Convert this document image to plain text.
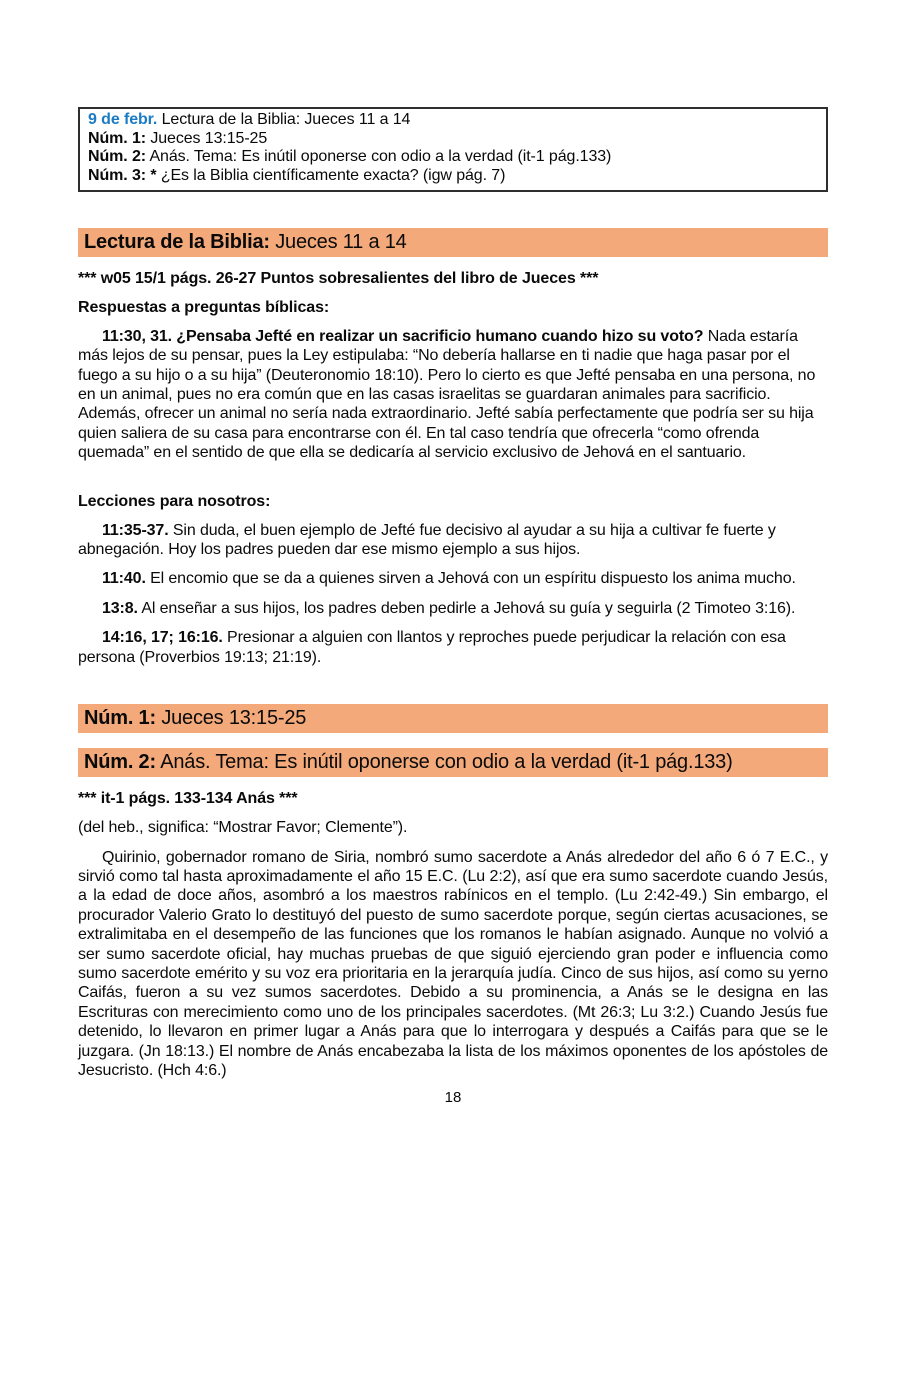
9 de febr. Lectura de la Biblia: Jueces 11 a 14
Núm. 1: Jueces 13:15-25
Núm. 2: Anás. Tema: Es inútil oponerse con odio a la verdad (it-1 pág.133)
Núm. 3: * ¿Es la Biblia científicamente exacta? (igw pág. 7)
Lectura de la Biblia: Jueces 11 a 14

*** w05 15/1 págs. 26-27 Puntos sobresalientes del libro de Jueces ***

Respuestas a preguntas bíblicas:

11:30, 31. ¿Pensaba Jefté en realizar un sacrificio humano cuando hizo su voto? Nada estaría más lejos de su pensar, pues la Ley estipulaba: “No debería hallarse en ti nadie que haga pasar por el fuego a su hijo o a su hija” (Deuteronomio 18:10). Pero lo cierto es que Jefté pensaba en una persona, no en un animal, pues no era común que en las casas israelitas se guardaran animales para sacrificio. Además, ofrecer un animal no sería nada extraordinario. Jefté sabía perfectamente que podría ser su hija quien saliera de su casa para encontrarse con él. En tal caso tendría que ofrecerla “como ofrenda quemada” en el sentido de que ella se dedicaría al servicio exclusivo de Jehová en el santuario.

Lecciones para nosotros:

11:35-37. Sin duda, el buen ejemplo de Jefté fue decisivo al ayudar a su hija a cultivar fe fuerte y abnegación. Hoy los padres pueden dar ese mismo ejemplo a sus hijos.

11:40. El encomio que se da a quienes sirven a Jehová con un espíritu dispuesto los anima mucho.

13:8. Al enseñar a sus hijos, los padres deben pedirle a Jehová su guía y seguirla (2 Timoteo 3:16).

14:16, 17; 16:16. Presionar a alguien con llantos y reproches puede perjudicar la relación con esa persona (Proverbios 19:13; 21:19).

Núm. 1: Jueces 13:15-25
Núm. 2: Anás. Tema: Es inútil oponerse con odio a la verdad (it-1 pág.133)

*** it-1 págs. 133-134 Anás ***

(del heb., significa: “Mostrar Favor; Clemente”).

Quirinio, gobernador romano de Siria, nombró sumo sacerdote a Anás alrededor del año 6 ó 7 E.C., y sirvió como tal hasta aproximadamente el año 15 E.C. (Lu 2:2), así que era sumo sacerdote cuando Jesús, a la edad de doce años, asombró a los maestros rabínicos en el templo. (Lu 2:42-49.) Sin embargo, el procurador Valerio Grato lo destituyó del puesto de sumo sacerdote porque, según ciertas acusaciones, se extralimitaba en el desempeño de las funciones que los romanos le habían asignado. Aunque no volvió a ser sumo sacerdote oficial, hay muchas pruebas de que siguió ejerciendo gran poder e influencia como sumo sacerdote emérito y su voz era prioritaria en la jerarquía judía. Cinco de sus hijos, así como su yerno Caifás, fueron a su vez sumos sacerdotes. Debido a su prominencia, a Anás se le designa en las Escrituras con merecimiento como uno de los principales sacerdotes. (Mt 26:3; Lu 3:2.) Cuando Jesús fue detenido, lo llevaron en primer lugar a Anás para que lo interrogara y después a Caifás para que se le juzgara. (Jn 18:13.) El nombre de Anás encabezaba la lista de los máximos oponentes de los apóstoles de Jesucristo. (Hch 4:6.)

18
